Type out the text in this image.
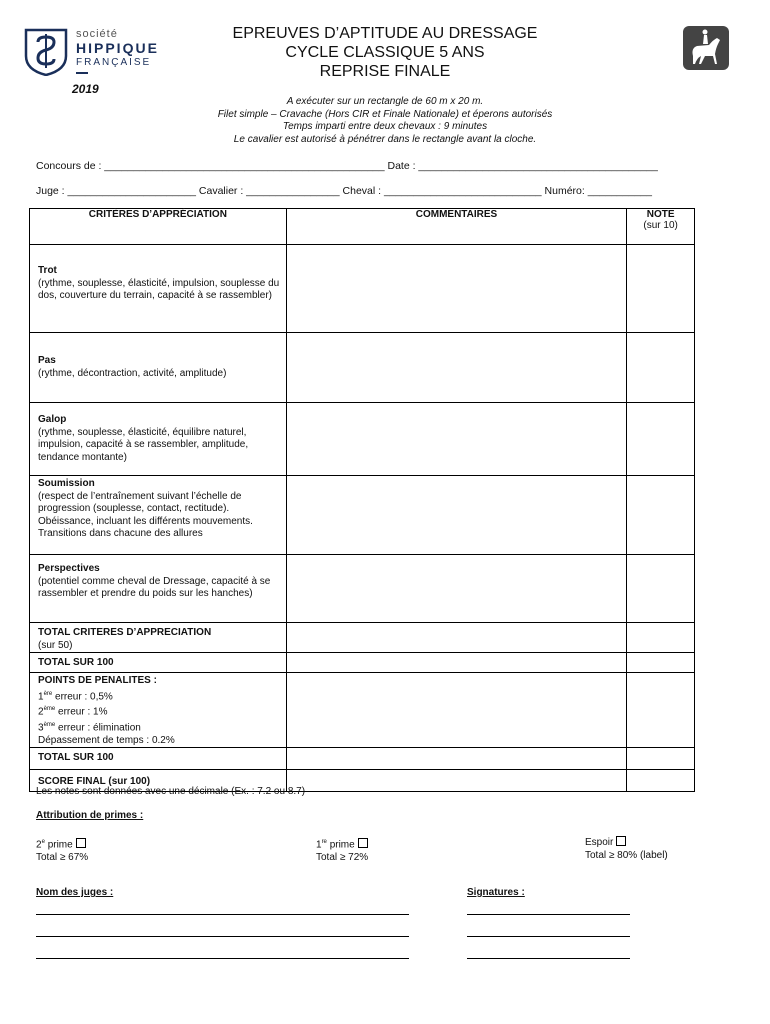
société
HIPPIQUE
FRANÇAISE
2019
EPREUVES D’APTITUDE AU DRESSAGE
CYCLE CLASSIQUE 5 ANS
REPRISE FINALE
A exécuter sur un rectangle de 60 m x 20 m.
Filet simple – Cravache (Hors CIR et Finale Nationale) et éperons autorisés
Temps imparti entre deux chevaux : 9 minutes
Le cavalier est autorisé à pénétrer dans le rectangle avant la cloche.
Concours de : ________________________________________________ Date : _________________________________________
Juge : ______________________ Cavalier : ________________ Cheval : ___________________________ Numéro: ___________
CRITÈRES D’APPRÉCIATION	COMMENTAIRES	NOTE
(sur 10)

Trot
(rythme, souplesse, élasticité, impulsion, souplesse du dos, couverture du terrain, capacité à se rassembler)		

Pas
(rythme, décontraction, activité, amplitude)		

Galop
(rythme, souplesse, élasticité, équilibre naturel, impulsion, capacité à se rassembler, amplitude, tendance montante)		

Soumission
(respect de l’entraînement suivant l’échelle de progression (souplesse, contact, rectitude). Obéissance, incluant les différents mouvements. Transitions dans chacune des allures		

Perspectives
(potentiel comme cheval de Dressage, capacité à se rassembler et prendre du poids sur les hanches)		

TOTAL CRITERES D’APPRECIATION
(sur 50)		

TOTAL SUR 100		

POINTS DE PENALITES :
1ère erreur : 0,5%
2ème erreur : 1%
3ème erreur : élimination
Dépassement de temps : 0.2%		

TOTAL SUR 100		

SCORE FINAL (sur 100)		

Les notes sont données avec une décimale (Ex. : 7.2 ou 8.7)
Attribution de primes :
2e prime
Total ≥ 67%
1re prime
Total ≥ 72%
Espoir
Total ≥ 80% (label)
Nom des juges :	Signatures :
